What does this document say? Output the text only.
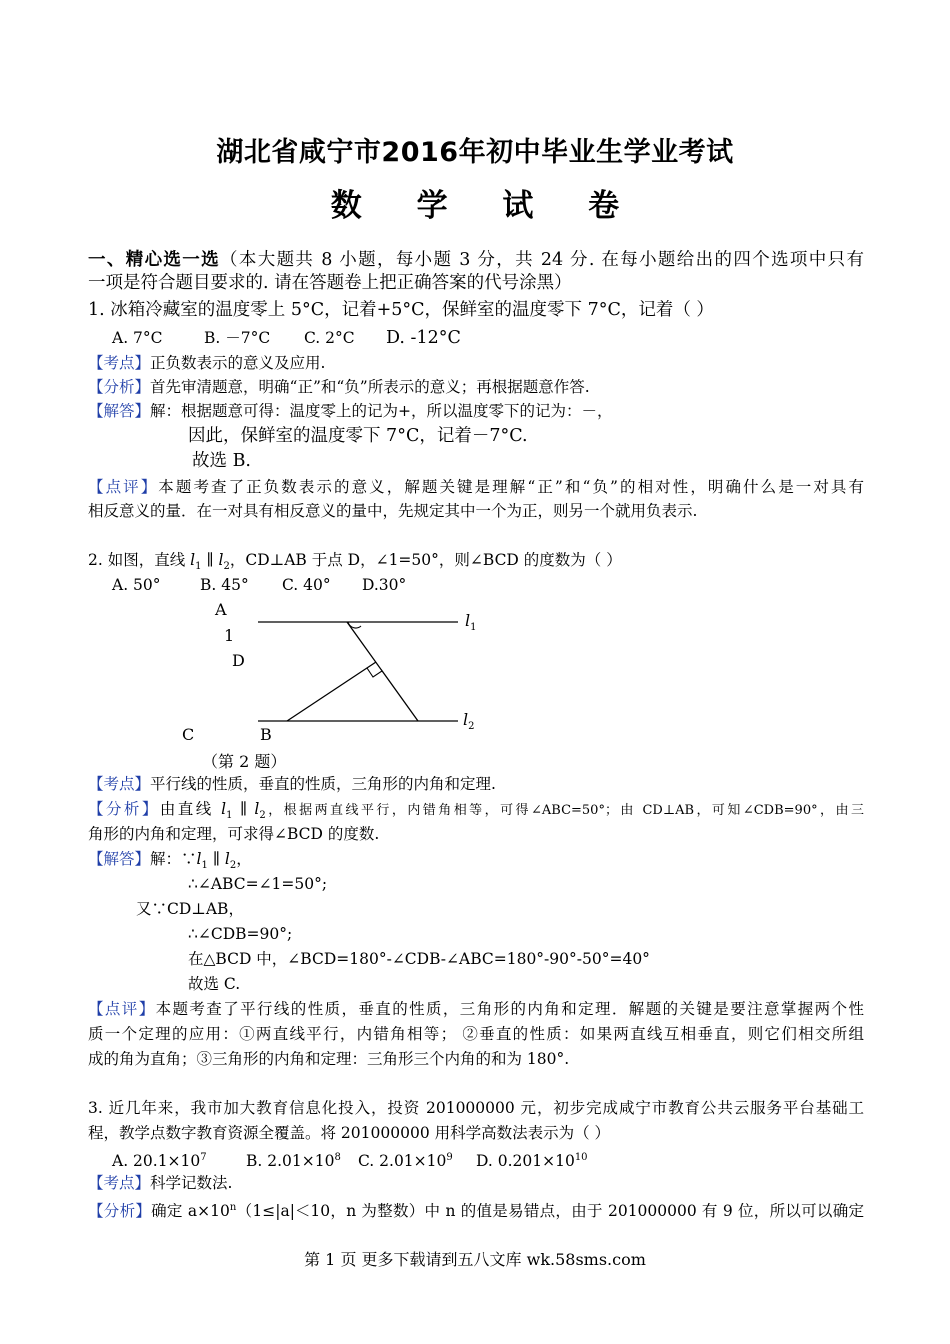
湖北省咸宁市2016年初中毕业生学业考试
数 学 试 卷
一、精心选一选（本大题共 8 小题，每小题 3 分，共 24 分. 在每小题给出的四个选项中只有
一项是符合题目要求的. 请在答题卷上把正确答案的代号涂黑）
1. 冰箱冷藏室的温度零上 5°C，记着+5°C，保鲜室的温度零下 7°C，记着（ ）
A. 7°C	B. －7°C C. 2°C D. -12°C
【考点】正负数表示的意义及应用.
【分析】首先审清题意，明确“正”和“负”所表示的意义；再根据题意作答.
【解答】解：根据题意可得：温度零上的记为+，所以温度零下的记为：－，
因此，保鲜室的温度零下 7°C，记着－7°C.
故选 B.
【点评】本题考查了正负数表示的意义，解题关键是理解“正”和“负”的相对性，明确什么是一对具有
相反意义的量．在一对具有相反意义的量中，先规定其中一个为正，则另一个就用负表示.
2. 如图，直线 $l_1$ ∥ $l_2$，CD⊥AB 于点 D，∠1=50°，则∠BCD 的度数为（ ）
A. 50°	B. 45° C. 40° D.30°
A
1
D
C	B
$l_1$
$l_2$
（第 2 题）
【考点】平行线的性质，垂直的性质，三角形的内角和定理.
【分析】由直线 $l_1$ ∥ $l_2$，根据两直线平行，内错角相等，可得∠ABC=50°；由 CD⊥AB，可知∠CDB=90°，由三
角形的内角和定理，可求得∠BCD 的度数.
【解答】解：$\because l_1$ ∥ $l_2$，
∴∠ABC=∠1=50°;
又∵CD⊥AB，
∴∠CDB=90°;
在△BCD 中，∠BCD=180°-∠CDB-∠ABC=180°-90°-50°=40°
故选 C.
【点评】本题考查了平行线的性质，垂直的性质，三角形的内角和定理．解题的关键是要注意掌握两个性
质一个定理的应用：①两直线平行，内错角相等； ②垂直的性质：如果两直线互相垂直，则它们相交所组
成的角为直角；③三角形的内角和定理：三角形三个内角的和为 180°.
3. 近几年来，我市加大教育信息化投入，投资 201000000 元，初步完成咸宁市教育公共云服务平台基础工
程，教学点数字教育资源全覆盖。将 201000000 用科学高数法表示为（ ）
A. $20.1\times 10^7$	B. $2.01\times 10^8$ C. $2.01\times 10^9$ D. $0.201\times 10^{10}$
【考点】科学记数法.
【分析】确定 $a\times 10^n(1\le|a|<10$，n 为整数）中 n 的值是易错点，由于 201000000 有 9 位，所以可以确定
第 1 页 更多下载请到五八文库 wk.58sms.com
